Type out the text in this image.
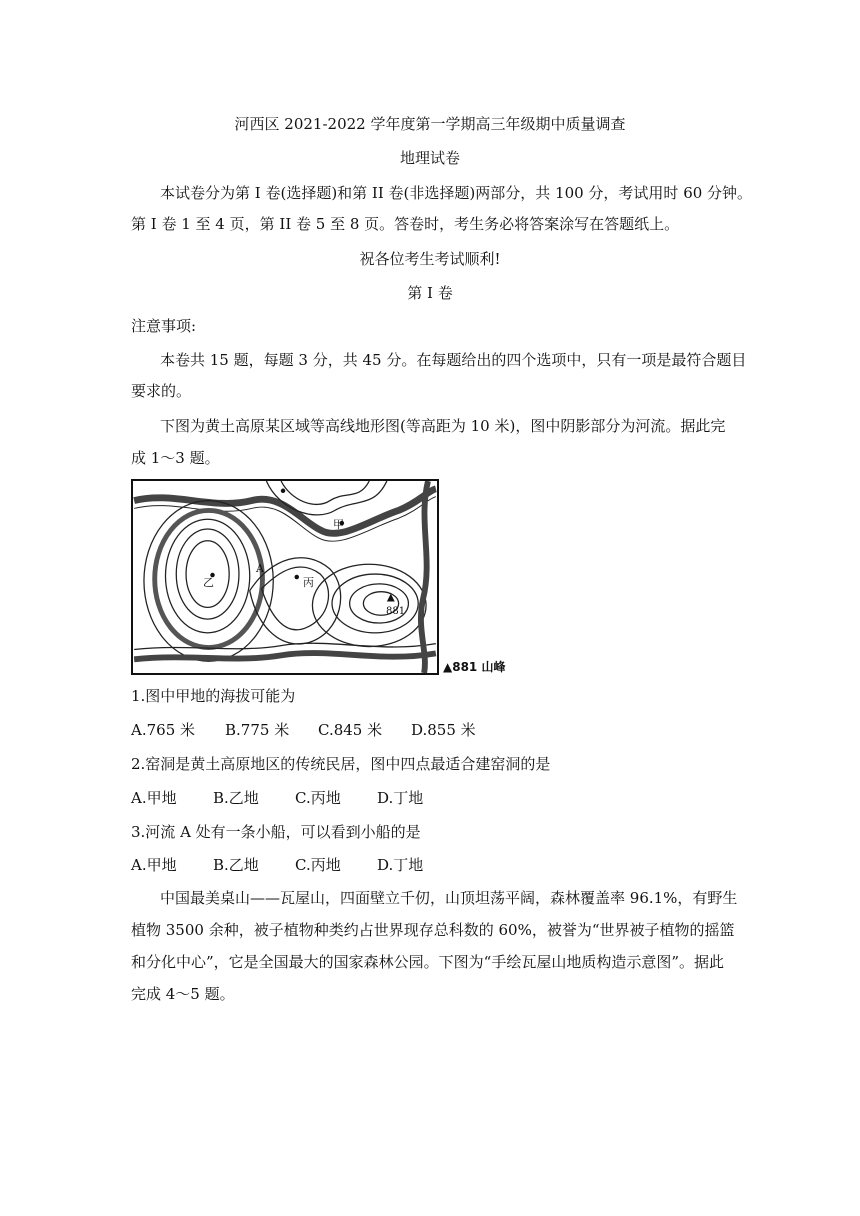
河西区 2021-2022 学年度第一学期高三年级期中质量调查
地理试卷
本试卷分为第 I 卷(选择题)和第 II 卷(非选择题)两部分，共 100 分，考试用时 60 分钟。
第 I 卷 1 至 4 页，第 II 卷 5 至 8 页。答卷时，考生务必将答案涂写在答题纸上。
祝各位考生考试顺利!
第 I 卷
注意事项:
本卷共 15 题，每题 3 分，共 45 分。在每题给出的四个选项中，只有一项是最符合题目
要求的。
下图为黄土高原某区域等高线地形图(等高距为 10 米)，图中阴影部分为河流。据此完
成 1～3 题。
甲
乙	丙
A
881
▲881 山峰
1.图中甲地的海拔可能为
A.765 米 B.775 米 C.845 米 D.855 米
2.窑洞是黄土高原地区的传统民居，图中四点最适合建窑洞的是
A.甲地 B.乙地 C.丙地 D.丁地
3.河流 A 处有一条小船，可以看到小船的是
A.甲地 B.乙地 C.丙地 D.丁地
中国最美桌山——瓦屋山，四面壁立千仞，山顶坦荡平阔，森林覆盖率 96.1%，有野生
植物 3500 余种，被子植物种类约占世界现存总科数的 60%，被誉为“世界被子植物的摇篮
和分化中心”，它是全国最大的国家森林公园。下图为“手绘瓦屋山地质构造示意图”。据此
完成 4～5 题。
